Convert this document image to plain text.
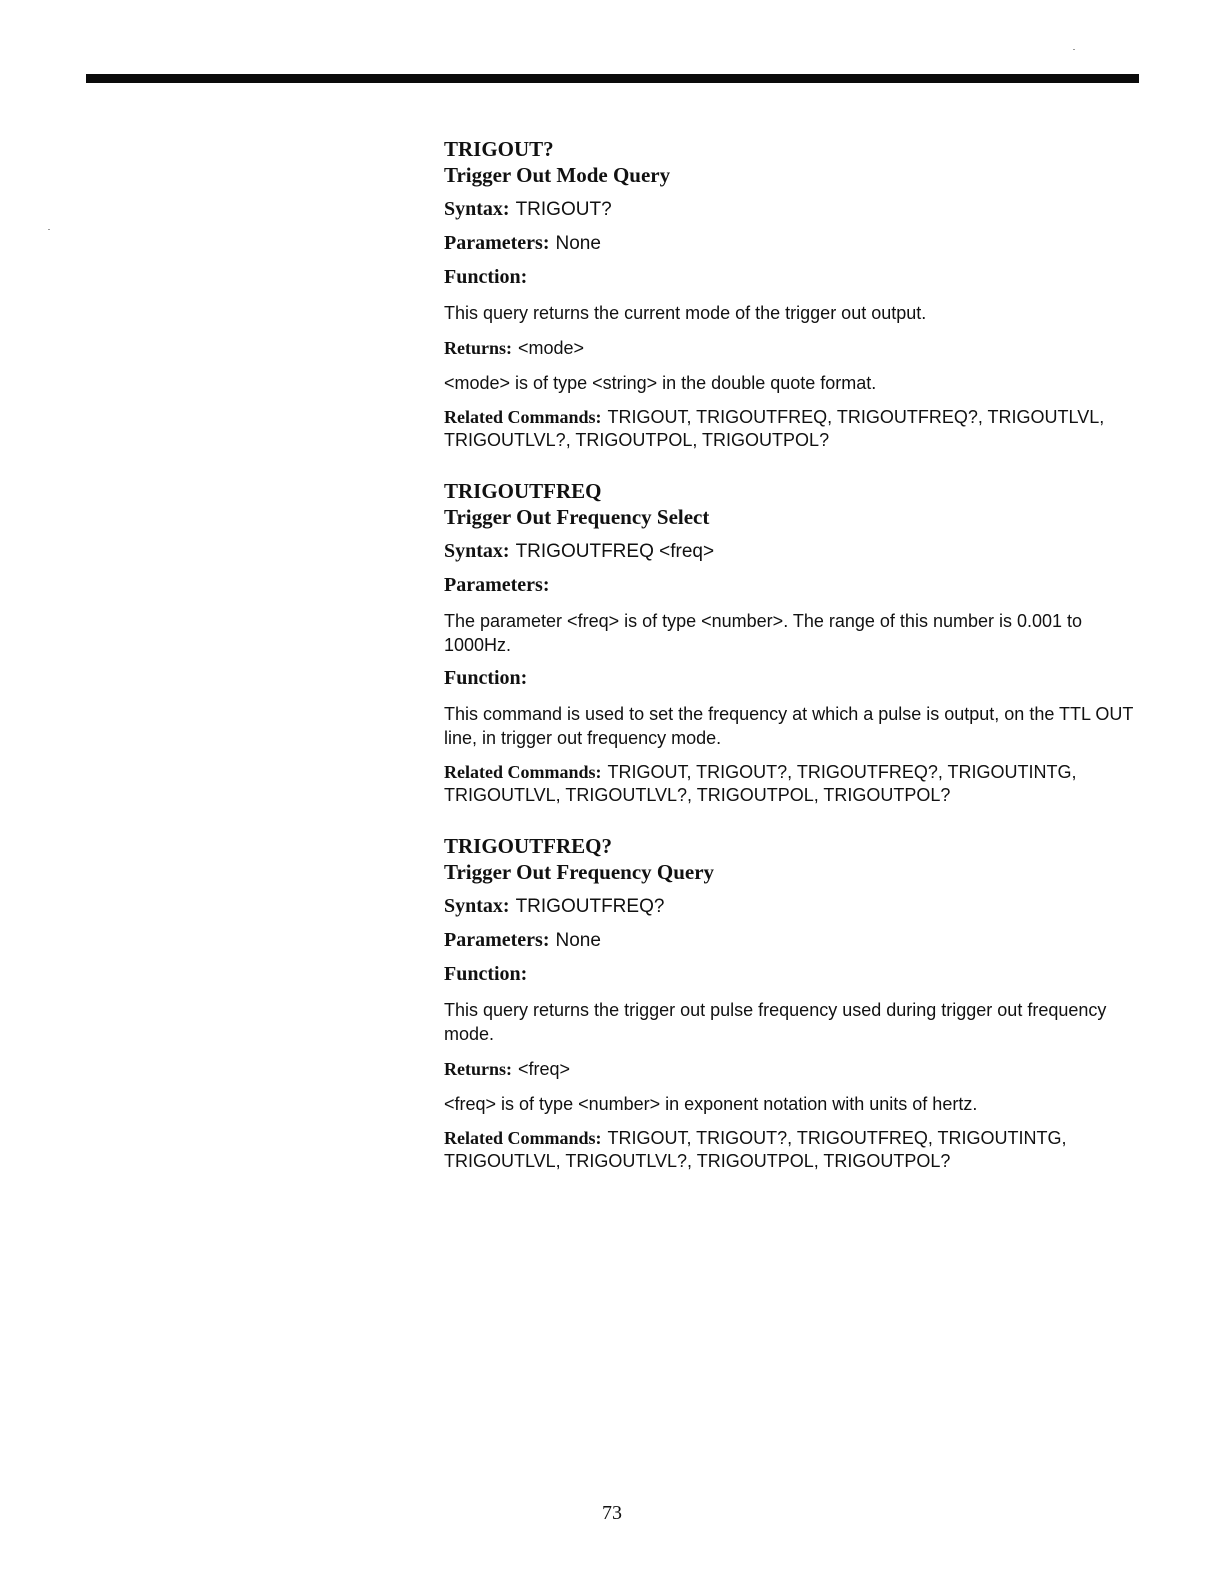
TRIGOUT?

Trigger Out Mode Query

Syntax: TRIGOUT?

Parameters: None

Function:

This query returns the current mode of the trigger out output.

Returns: <mode>

<mode> is of type <string> in the double quote format.

Related Commands: TRIGOUT, TRIGOUTFREQ, TRIGOUTFREQ?, TRIGOUTLVL, TRIGOUTLVL?, TRIGOUTPOL, TRIGOUTPOL?

TRIGOUTFREQ

Trigger Out Frequency Select

Syntax: TRIGOUTFREQ <freq>

Parameters:

The parameter <freq> is of type <number>. The range of this number is 0.001 to 1000Hz.

Function:

This command is used to set the frequency at which a pulse is output, on the TTL OUT line, in trigger out frequency mode.

Related Commands: TRIGOUT, TRIGOUT?, TRIGOUTFREQ?, TRIGOUTINTG, TRIGOUTLVL, TRIGOUTLVL?, TRIGOUTPOL, TRIGOUTPOL?

TRIGOUTFREQ?

Trigger Out Frequency Query

Syntax: TRIGOUTFREQ?

Parameters: None

Function:

This query returns the trigger out pulse frequency used during trigger out frequency mode.

Returns: <freq>

<freq> is of type <number> in exponent notation with units of hertz.

Related Commands: TRIGOUT, TRIGOUT?, TRIGOUTFREQ, TRIGOUTINTG, TRIGOUTLVL, TRIGOUTLVL?, TRIGOUTPOL, TRIGOUTPOL?

73
